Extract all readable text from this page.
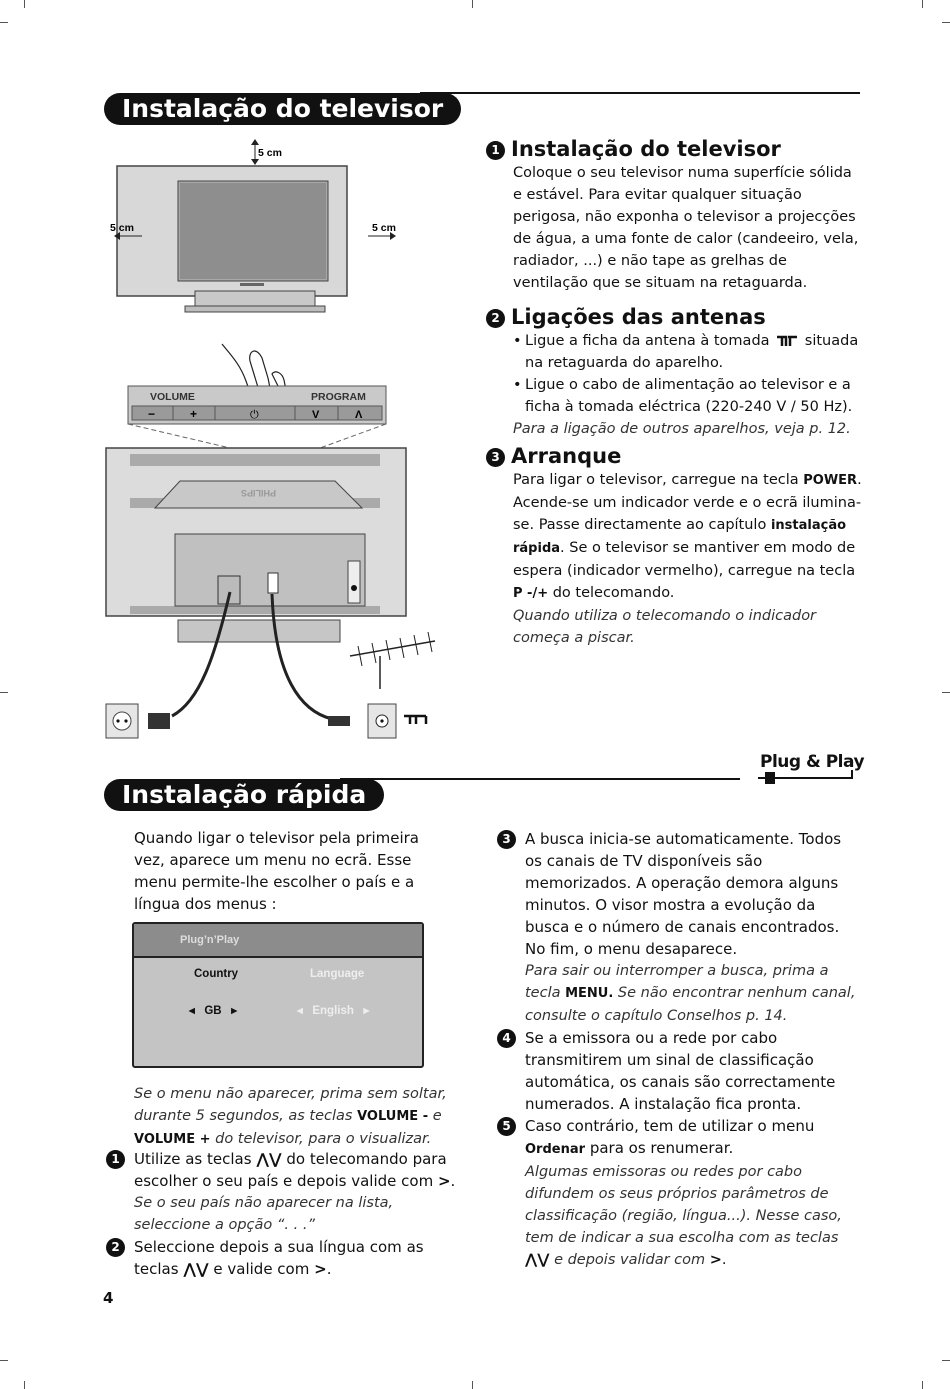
Instalação do televisor
5 cm
5 cm	5 cm
VOLUME	PROGRAM
−	+	⏻	V	Λ
PHILIPS
1 Instalação do televisor
Coloque o seu televisor numa superfície sólida e estável. Para evitar qualquer situação perigosa, não exponha o televisor a projecções de água, a uma fonte de calor (candeeiro, vela, radiador, ...) e não tape as grelhas de ventilação que se situam na retaguarda.
2 Ligações das antenas
• Ligue a ficha da antena à tomada situada na retaguarda do aparelho.
• Ligue o cabo de alimentação ao televisor e a ficha à tomada eléctrica (220-240 V / 50 Hz).
Para a ligação de outros aparelhos, veja p. 12.
3 Arranque
Para ligar o televisor, carregue na tecla POWER. Acende-se um indicador verde e o ecrã ilumina-se. Passe directamente ao capítulo instalação rápida. Se o televisor se mantiver em modo de espera (indicador vermelho), carregue na tecla P -/+ do telecomando.
Quando utiliza o telecomando o indicador começa a piscar.
Instalação rápida
Plug & Play
Quando ligar o televisor pela primeira vez, aparece um menu no ecrã. Esse menu permite-lhe escolher o país e a língua dos menus :
Plug’n’Play
Country	Language
◂   GB   ▸	◂   English   ▸
Se o menu não aparecer, prima sem soltar, durante 5 segundos, as teclas VOLUME - e VOLUME + do televisor, para o visualizar.
1 Utilize as teclas ⋀⋁ do telecomando para escolher o seu país e depois valide com >.
Se o seu país não aparecer na lista, seleccione a opção “. . .”
2 Seleccione depois a sua língua com as teclas ⋀⋁ e valide com >.
4
3 A busca inicia-se automaticamente. Todos os canais de TV disponíveis são memorizados. A operação demora alguns minutos. O visor mostra a evolução da busca e o número de canais encontrados. No fim, o menu desaparece.
Para sair ou interromper a busca, prima a tecla MENU. Se não encontrar nenhum canal, consulte o capítulo Conselhos p. 14.
4 Se a emissora ou a rede por cabo transmitirem um sinal de classificação automática, os canais são correctamente numerados. A instalação fica pronta.
5 Caso contrário, tem de utilizar o menu
Ordenar para os renumerar.
Algumas emissoras ou redes por cabo difundem os seus próprios parâmetros de classificação (região, língua...). Nesse caso, tem de indicar a sua escolha com as teclas ⋀⋁ e depois validar com >.
